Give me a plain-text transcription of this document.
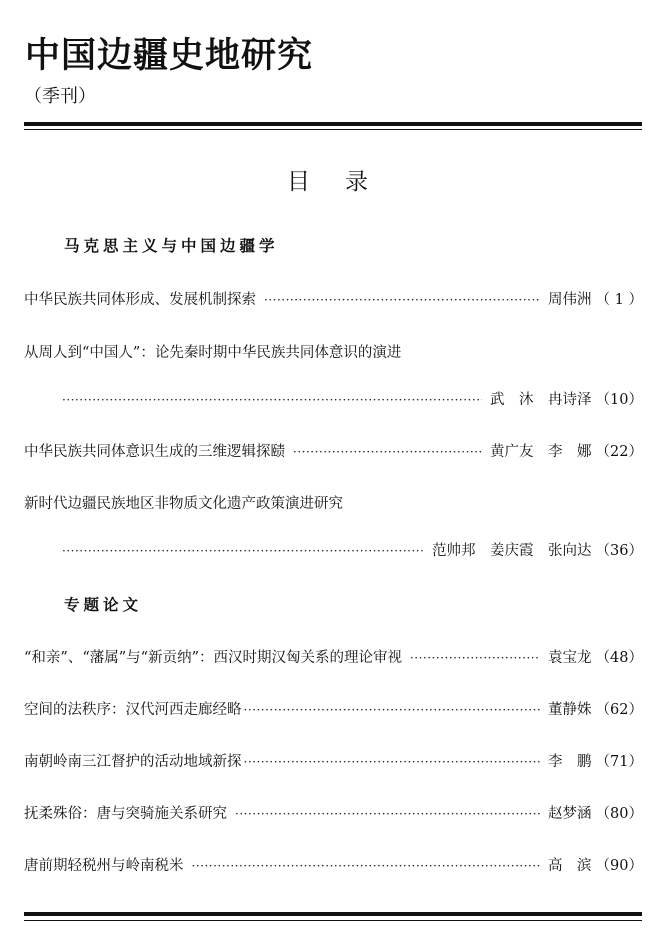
中国边疆史地研究
（季刊）
目　录
马克思主义与中国边疆学
中华民族共同体形成、发展机制探索 ·····	周伟洲 （ 1 ）
从周人到“中国人”：论先秦时期中华民族共同体意识的演进
·····
武　沐　冉诗泽 （10）
中华民族共同体意识生成的三维逻辑探赜 ·····	黄广友　李　娜 （22）
新时代边疆民族地区非物质文化遗产政策演进研究
·····
范帅邦　姜庆霞　张向达 （36）
专题论文
“和亲”、“藩属”与“新贡纳”：西汉时期汉匈关系的理论审视 ·····	袁宝龙 （48）
空间的法秩序：汉代河西走廊经略 ·····	董静姝 （62）
南朝岭南三江督护的活动地域新探 ·····	李　鹏 （71）
抚柔殊俗：唐与突骑施关系研究 ·····	赵梦涵 （80）
唐前期轻税州与岭南税米 ·····	高　滨 （90）
